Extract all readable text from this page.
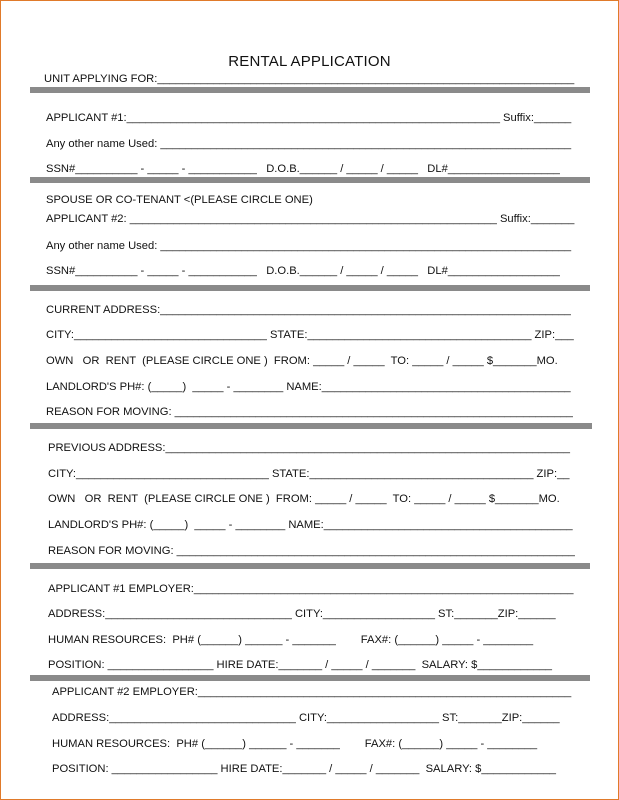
RENTAL APPLICATION
UNIT APPLYING FOR:___________________________________________________________________
APPLICANT #1:____________________________________________________________ Suffix:______
Any other name Used: __________________________________________________________________
SSN#__________ - _____ - ___________   D.O.B.______ / _____ / _____   DL#__________________
SPOUSE OR CO-TENANT <(PLEASE CIRCLE ONE)
APPLICANT #2: ___________________________________________________________ Suffix:_______
Any other name Used: __________________________________________________________________
SSN#__________ - _____ - ___________   D.O.B.______ / _____ / _____   DL#__________________
CURRENT ADDRESS:__________________________________________________________________
CITY:_______________________________ STATE:____________________________________ ZIP:___
OWN   OR  RENT  (PLEASE CIRCLE ONE )  FROM: _____ / _____  TO: _____ / _____ $_______MO.
LANDLORD'S PH#: (_____)  _____ - ________ NAME:________________________________________
REASON FOR MOVING: ________________________________________________________________
PREVIOUS ADDRESS:_________________________________________________________________
CITY:_______________________________ STATE:____________________________________ ZIP:__
OWN   OR  RENT  (PLEASE CIRCLE ONE )  FROM: _____ / _____  TO: _____ / _____ $_______MO.
LANDLORD'S PH#: (_____)  _____ - ________ NAME:________________________________________
REASON FOR MOVING: ________________________________________________________________
APPLICANT #1 EMPLOYER:_____________________________________________________________
ADDRESS:______________________________ CITY:__________________ ST:_______ZIP:______
HUMAN RESOURCES:  PH# (______) ______ - _______        FAX#: (______) _____ - ________
POSITION: _________________ HIRE DATE:_______ / _____ / _______  SALARY: $____________
APPLICANT #2 EMPLOYER:____________________________________________________________
ADDRESS:______________________________ CITY:__________________ ST:_______ZIP:______
HUMAN RESOURCES:  PH# (______) ______ - _______        FAX#: (______) _____ - ________
POSITION: _________________ HIRE DATE:_______ / _____ / _______  SALARY: $____________
